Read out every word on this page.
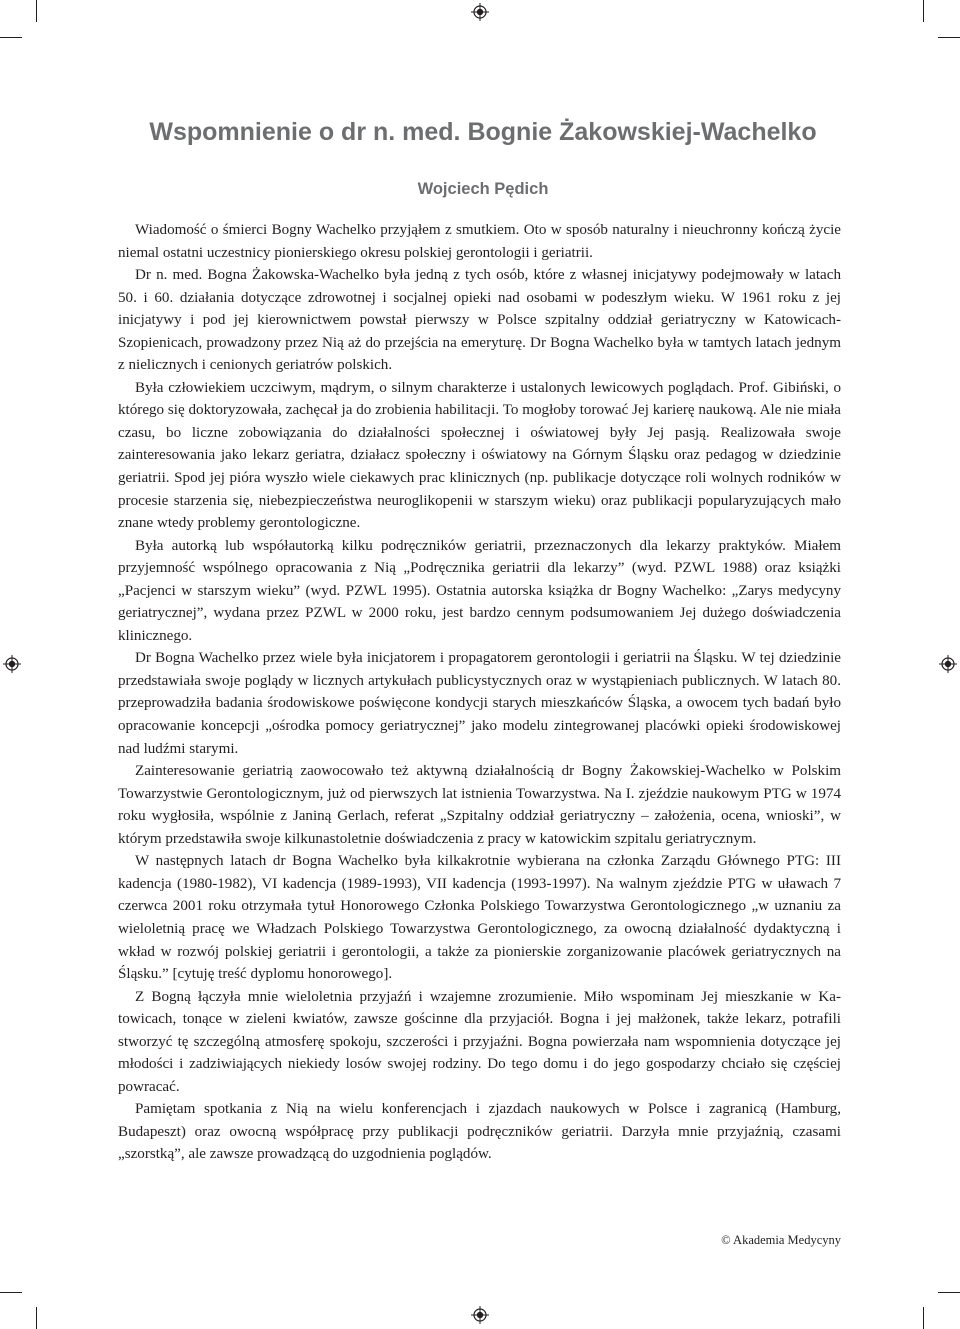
Wspomnienie o dr n. med. Bognie Żakowskiej-Wachelko
Wojciech Pędich

Wiadomość o śmierci Bogny Wachelko przyjąłem z smutkiem. Oto w sposób naturalny i nieuchronny kończą życie niemal ostatni uczestnicy pionierskiego okresu polskiej gerontologii i geriatrii.

Dr n. med. Bogna Żakowska-Wachelko była jedną z tych osób, które z własnej inicjatywy podejmowały w latach 50. i 60. działania dotyczące zdrowotnej i socjalnej opieki nad osobami w podeszłym wieku. W 1961 roku z jej inicjatywy i pod jej kierownictwem powstał pierwszy w Polsce szpitalny oddział geriatryczny w Katowicach-Szopienicach, prowadzony przez Nią aż do przejścia na emeryturę. Dr Bogna Wachelko była w tamtych latach jednym z nielicznych i cenionych geriatrów polskich.

Była człowiekiem uczciwym, mądrym, o silnym charakterze i ustalonych lewicowych poglądach. Prof. Gibiński, o którego się doktoryzowała, zachęcał ja do zrobienia habilitacji. To mogłoby torować Jej karierę naukową. Ale nie miała czasu, bo liczne zobowiązania do działalności społecznej i oświatowej były Jej pasją. Realizowała swoje zainteresowania jako lekarz geriatra, działacz społeczny i oświatowy na Górnym Śląsku oraz pedagog w dziedzinie geriatrii. Spod jej pióra wyszło wiele ciekawych prac klinicznych (np. publikacje dotyczące roli wolnych rodników w procesie starzenia się, niebezpieczeństwa neuroglikopenii w starszym wieku) oraz publikacji popularyzujących mało znane wtedy problemy gerontologiczne.

Była autorką lub współautorką kilku podręczników geriatrii, przeznaczonych dla lekarzy praktyków. Miałem przyjemność wspólnego opracowania z Nią „Podręcznika geriatrii dla lekarzy” (wyd. PZWL 1988) oraz książki „Pacjenci w starszym wieku” (wyd. PZWL 1995). Ostatnia autorska książka dr Bogny Wachelko: „Zarys medycyny geriatrycznej”, wydana przez PZWL w 2000 roku, jest bardzo cennym podsumowaniem Jej dużego doświadczenia klinicznego.

Dr Bogna Wachelko przez wiele była inicjatorem i propagatorem gerontologii i geriatrii na Śląsku. W tej dziedzinie przedstawiała swoje poglądy w licznych artykułach publicystycznych oraz w wystąpieniach publicznych. W latach 80. przeprowadziła badania środowiskowe poświęcone kondycji starych mieszkańców Śląska, a owocem tych badań było opracowanie koncepcji „ośrodka pomocy geriatrycznej” jako modelu zintegrowanej placówki opieki środowiskowej nad ludźmi starymi.

Zainteresowanie geriatrią zaowocowało też aktywną działalnością dr Bogny Żakowskiej-Wachelko w Polskim Towarzystwie Gerontologicznym, już od pierwszych lat istnienia Towarzystwa. Na I. zjeździe naukowym PTG w 1974 roku wygłosiła, wspólnie z Janiną Gerlach, referat „Szpitalny oddział geriatryczny – założenia, ocena, wnioski”, w którym przedstawiła swoje kilkunastoletnie doświadczenia z pracy w katowickim szpitalu geriatrycznym.

W następnych latach dr Bogna Wachelko była kilkakrotnie wybierana na członka Zarządu Głównego PTG: III kadencja (1980-1982), VI kadencja (1989-1993), VII kadencja (1993-1997). Na walnym zjeździe PTG w uławach 7 czerwca 2001 roku otrzymała tytuł Honorowego Członka Polskiego Towarzystwa Gerontologicznego „w uznaniu za wieloletnią pracę we Władzach Polskiego Towarzystwa Gerontologicznego, za owocną działalność dydaktyczną i wkład w rozwój polskiej geriatrii i gerontologii, a także za pionierskie zorganizowanie placówek geriatrycznych na Śląsku.” [cytuję treść dyplomu honorowego].

Z Bogną łączyła mnie wieloletnia przyjaźń i wzajemne zrozumienie. Miło wspominam Jej mieszkanie w Katowicach, tonące w zieleni kwiatów, zawsze gościnne dla przyjaciół. Bogna i jej małżonek, także lekarz, potrafili stworzyć tę szczególną atmosferę spokoju, szczerości i przyjaźni. Bogna powierzała nam wspomnienia dotyczące jej młodości i zadziwiających niekiedy losów swojej rodziny. Do tego domu i do jego gospodarzy chciało się częściej powracać.

Pamiętam spotkania z Nią na wielu konferencjach i zjazdach naukowych w Polsce i zagranicą (Hamburg, Budapeszt) oraz owocną współpracę przy publikacji podręczników geriatrii. Darzyła mnie przyjaźnią, czasami „szorstką”, ale zawsze prowadzącą do uzgodnienia poglądów.

© Akademia Medycyny
